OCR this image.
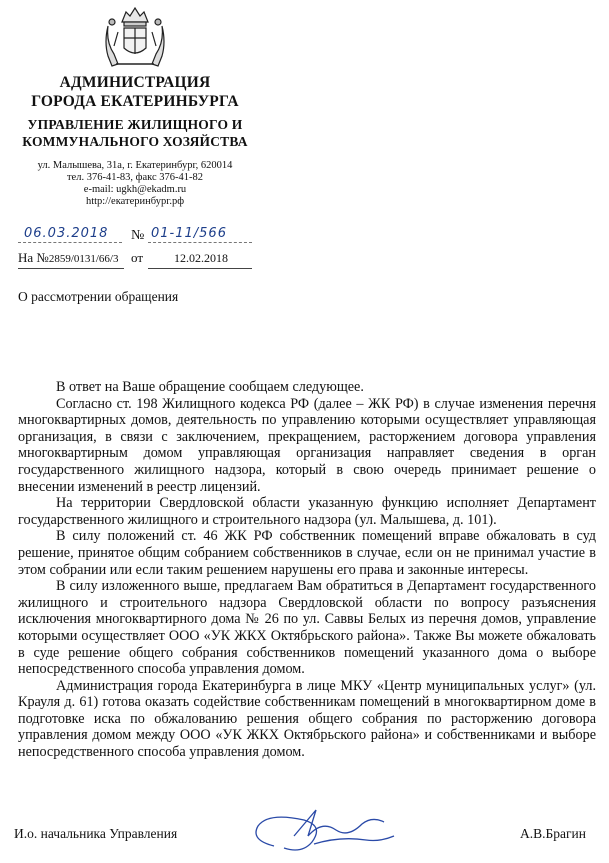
АДМИНИСТРАЦИЯ
ГОРОДА ЕКАТЕРИНБУРГА
УПРАВЛЕНИЕ ЖИЛИЩНОГО И
КОММУНАЛЬНОГО ХОЗЯЙСТВА
ул. Малышева, 31а, г. Екатеринбург, 620014
тел. 376-41-83, факс 376-41-82
e-mail: ugkh@ekadm.ru
http://екатеринбург.рф
06.03.2018 № 01-11/566
На №2859/0131/66/3 от	12.02.2018
О рассмотрении обращения

В ответ на Ваше обращение сообщаем следующее.

Согласно ст. 198 Жилищного кодекса РФ (далее – ЖК РФ) в случае изменения перечня многоквартирных домов, деятельность по управлению которыми осуществляет управляющая организация, в связи с заключением, прекращением, расторжением договора управления многоквартирным домом управляющая организация направляет сведения в орган государственного жилищного надзора, который в свою очередь принимает решение о внесении изменений в реестр лицензий.

На территории Свердловской области указанную функцию исполняет Департамент государственного жилищного и строительного надзора (ул. Малышева, д. 101).

В силу положений ст. 46 ЖК РФ собственник помещений вправе обжаловать в суд решение, принятое общим собранием собственников в случае, если он не принимал участие в этом собрании или если таким решением нарушены его права и законные интересы.

В силу изложенного выше, предлагаем Вам обратиться в Департамент государственного жилищного и строительного надзора Свердловской области по вопросу разъяснения исключения многоквартирного дома № 26 по ул. Саввы Белых из перечня домов, управление которыми осуществляет ООО «УК ЖКХ Октябрьского района». Также Вы можете обжаловать в суде решение общего собрания собственников помещений указанного дома о выборе непосредственного способа управления домом.

Администрация города Екатеринбурга в лице МКУ «Центр муниципальных услуг» (ул. Крауля д. 61) готова оказать содействие собственникам помещений в многоквартирном доме в подготовке иска по обжалованию решения общего собрания по расторжению договора управления домом между ООО «УК ЖКХ Октябрьского района» и собственниками и выборе непосредственного способа управления домом.

И.о. начальника Управления	А.В.Брагин
